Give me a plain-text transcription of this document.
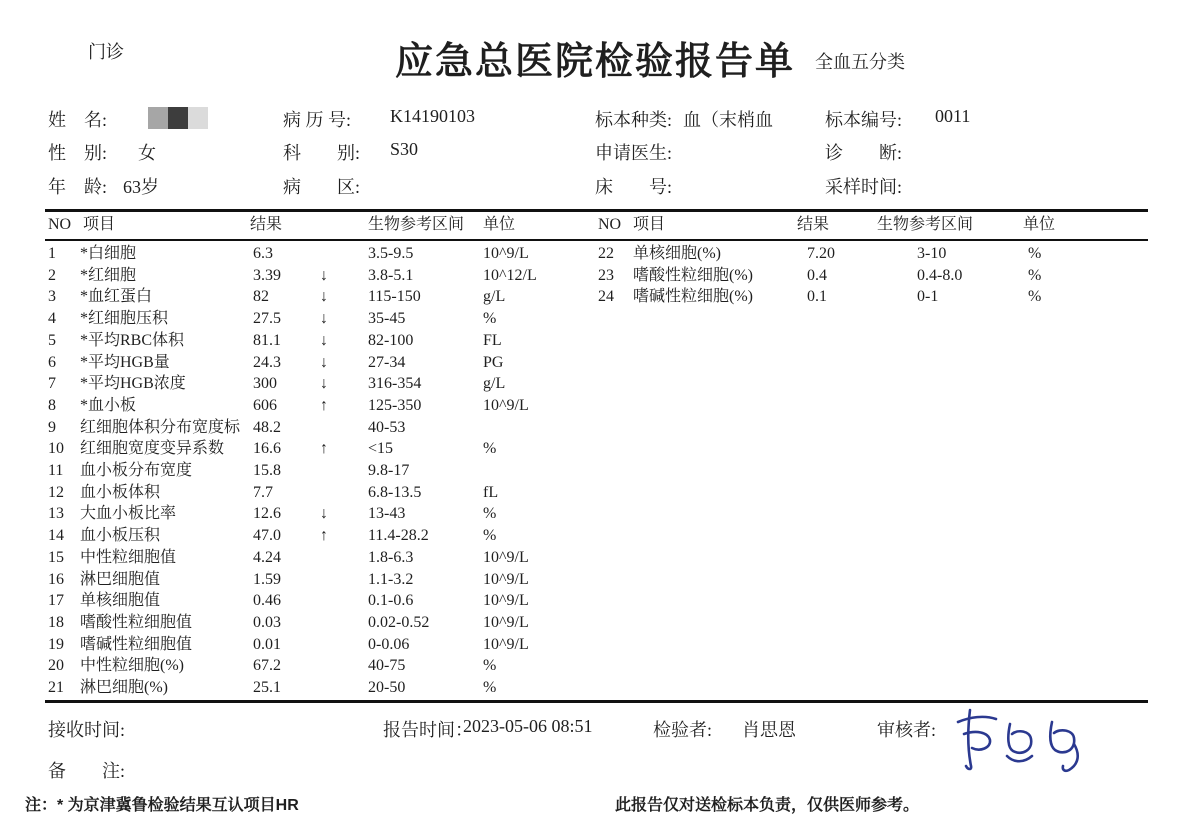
门诊	应急总医院检验报告单	全血五分类
姓　名:	病 历 号: K14190103	标本种类: 血（末梢血	标本编号: 0011
性　别: 女	科　　别: S30	申请医生:	诊　　断:
年　龄: 63岁	病　　区:	床　　号:	采样时间:
NO 项目	结果	生物参考区间 单位	NO 项目	结果	生物参考区间	单位
1 *白细胞	6.3	3.5-9.5	10^9/L
2 *红细胞	3.39 ↓	3.8-5.1	10^12/L
3 *血红蛋白	82	↓	115-150	g/L
4 *红细胞压积	27.5 ↓	35-45	%
5 *平均RBC体积	81.1 ↓	82-100	FL
6 *平均HGB量	24.3 ↓	27-34	PG
7 *平均HGB浓度	300	↓	316-354	g/L
8 *血小板	606	↑	125-350	10^9/L
9 红细胞体积分布宽度标 48.2	40-53
10 红细胞宽度变异系数 16.6 ↑	<15	%
11 血小板分布宽度	15.8	9.8-17
12 血小板体积	7.7	6.8-13.5	fL
13 大血小板比率	12.6 ↓	13-43	%
14 血小板压积	47.0 ↑	11.4-28.2	%
15 中性粒细胞值	4.24	1.8-6.3	10^9/L
16 淋巴细胞值	1.59	1.1-3.2	10^9/L
17 单核细胞值	0.46	0.1-0.6	10^9/L
18 嗜酸性粒细胞值	0.03	0.02-0.52	10^9/L
19 嗜碱性粒细胞值	0.01	0-0.06	10^9/L
20 中性粒细胞(%)	67.2	40-75	%
21 淋巴细胞(%)	25.1	20-50	%
22 单核细胞(%)	7.20	3-10	%
23 嗜酸性粒细胞(%)	0.4	0.4-8.0	%
24 嗜碱性粒细胞(%)	0.1	0-1	%
接收时间:	报告时间：
2023-05-06 08:51	检验者: 肖思恩	审核者:
备　　注:
注：* 为京津冀鲁检验结果互认项目HR	此报告仅对送检标本负责，仅供医师参考。
